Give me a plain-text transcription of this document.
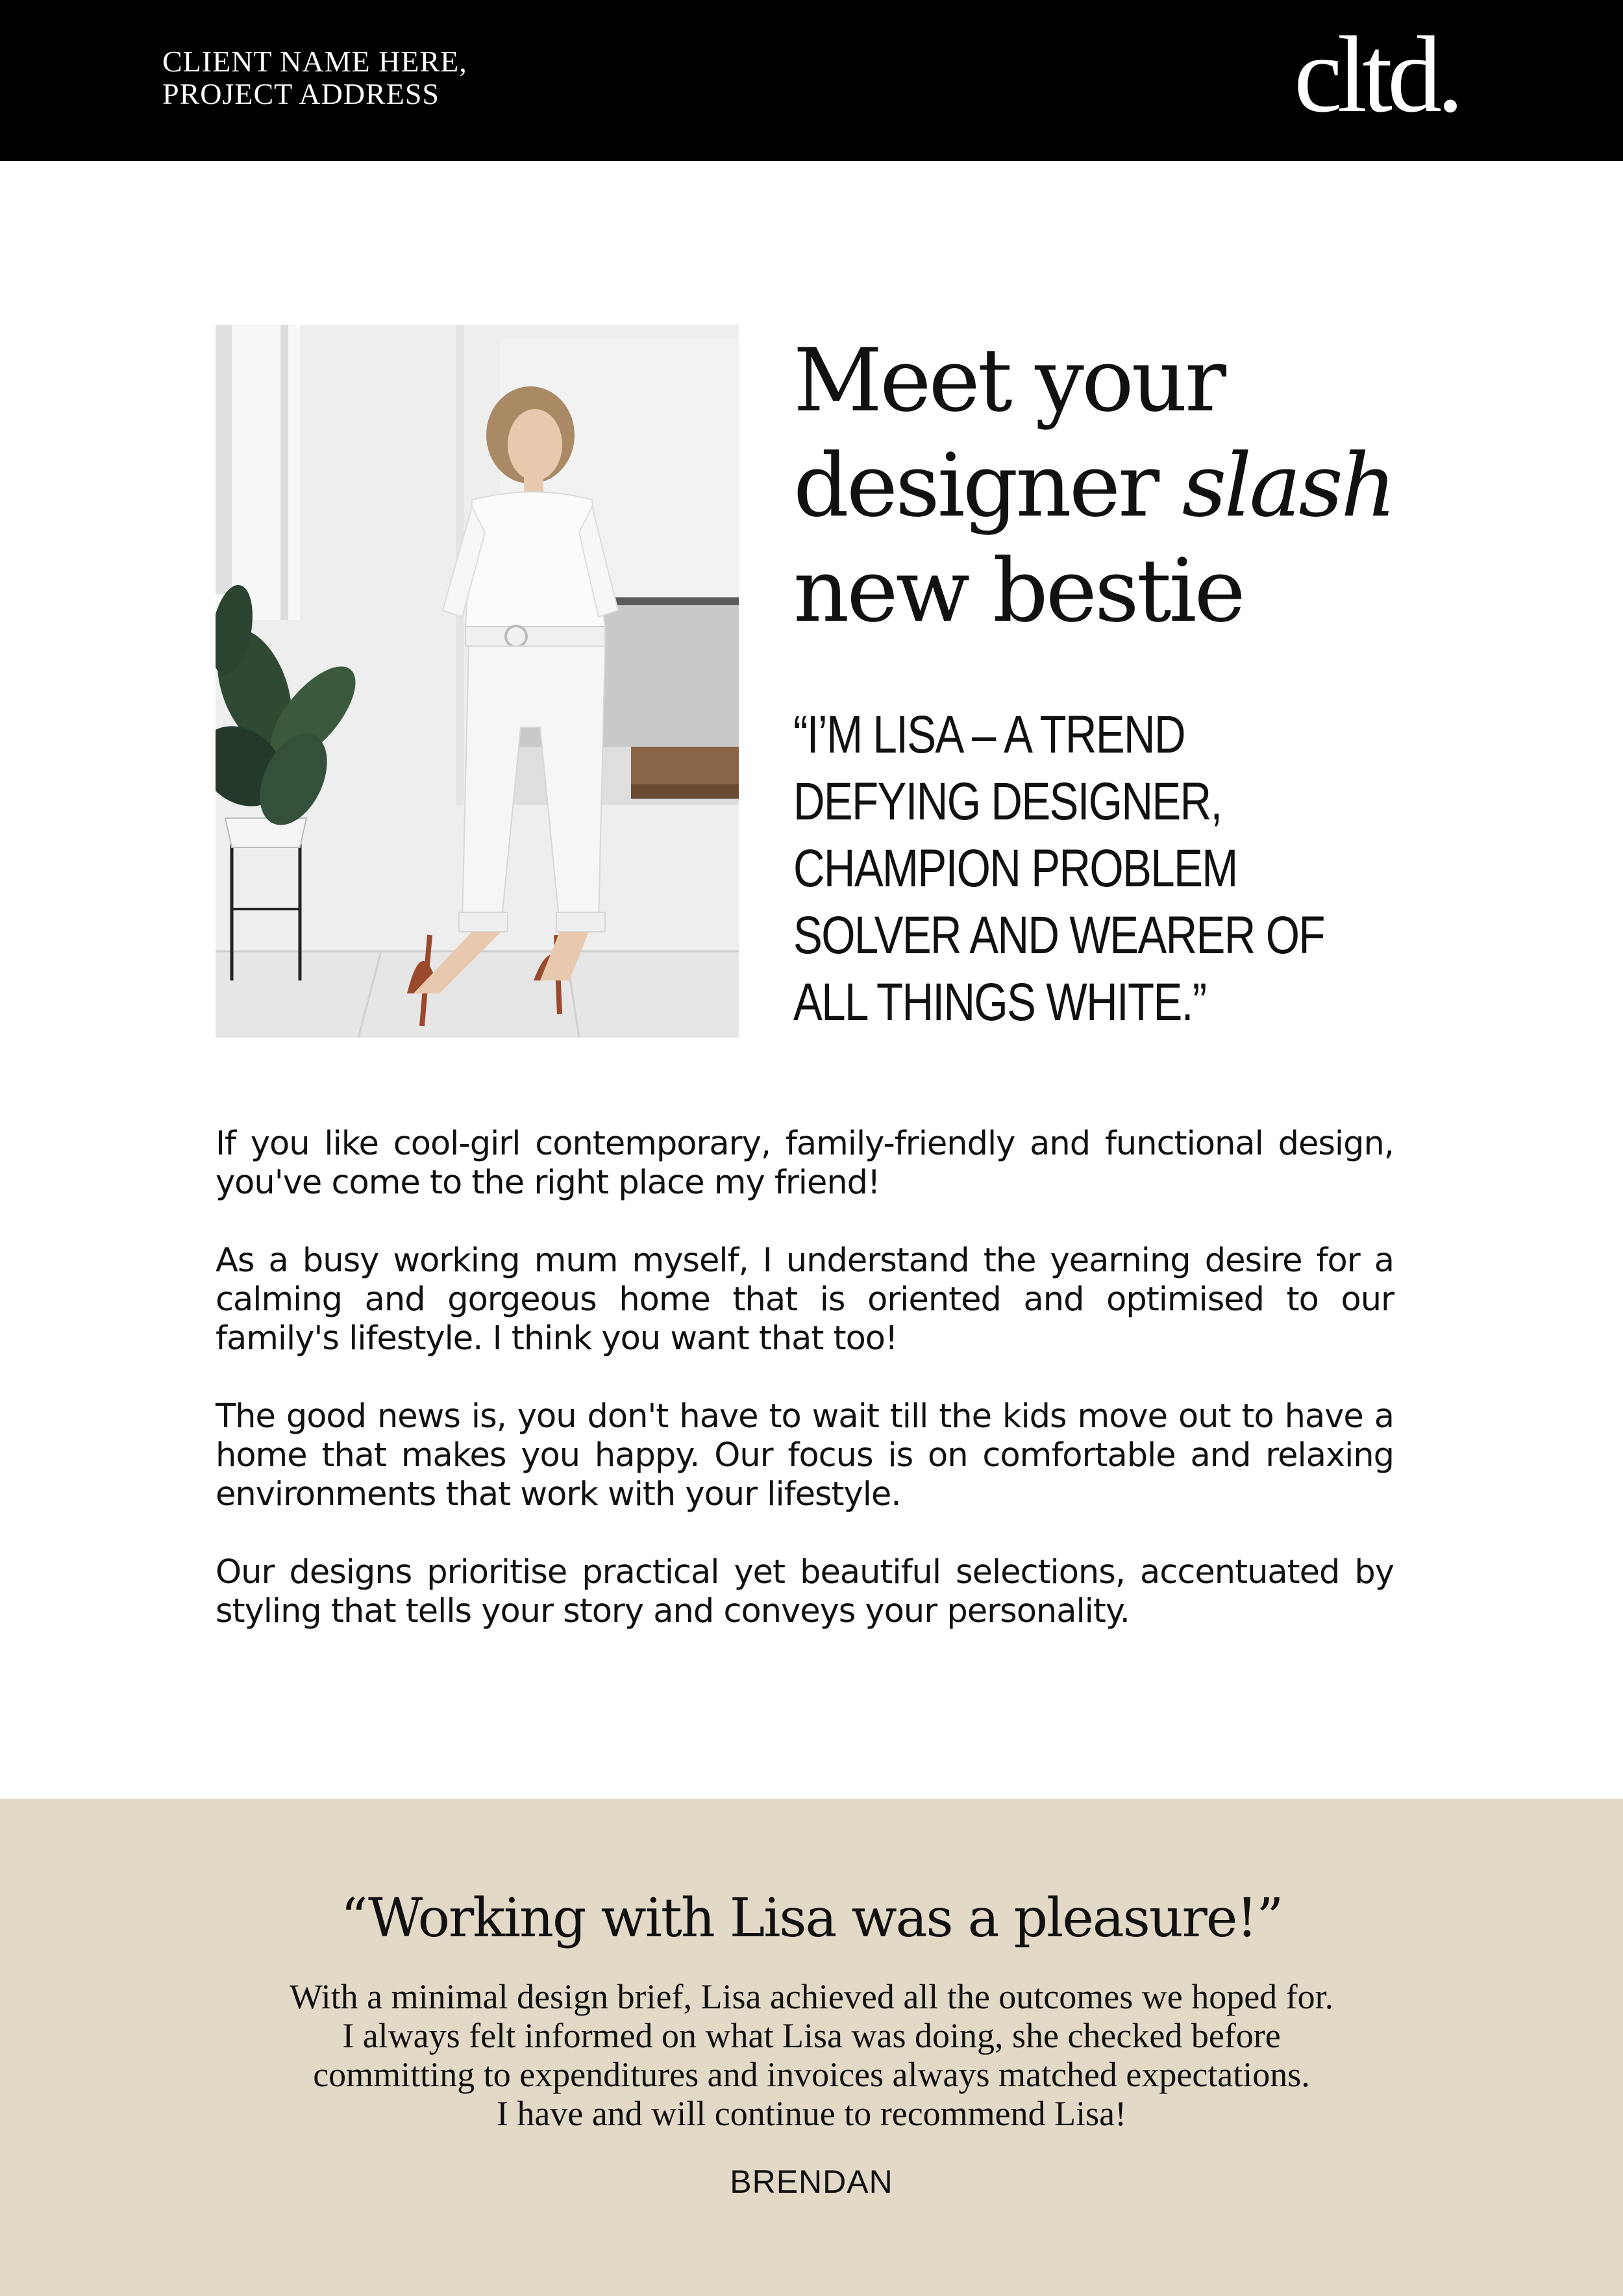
CLIENT NAME HERE,
PROJECT ADDRESS	cltd.
Meet your
designer slash
new bestie
“I’M LISA – A TREND
DEFYING DESIGNER,
CHAMPION PROBLEM
SOLVER AND WEARER OF
ALL THINGS WHITE.”

If you like cool-girl contemporary, family-friendly and functional design, you've come to the right place my friend!

As a busy working mum myself, I understand the yearning desire for a calming and gorgeous home that is oriented and optimised to our family's lifestyle. I think you want that too!

The good news is, you don't have to wait till the kids move out to have a home that makes you happy. Our focus is on comfortable and relaxing environments that work with your lifestyle.

Our designs prioritise practical yet beautiful selections, accentuated by styling that tells your story and conveys your personality.

“Working with Lisa was a pleasure!”
With a minimal design brief, Lisa achieved all the outcomes we hoped for.
I always felt informed on what Lisa was doing, she checked before
committing to expenditures and invoices always matched expectations.
I have and will continue to recommend Lisa!
BRENDAN
